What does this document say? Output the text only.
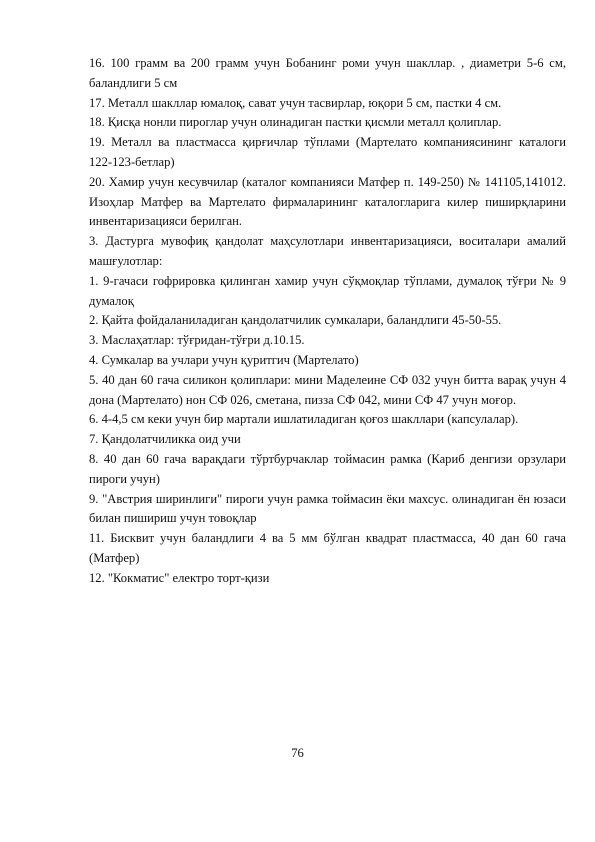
16. 100 грамм ва 200 грамм учун Бобанинг роми учун шакллар. , диаметри 5-6 см, баландлиги 5 см

17. Металл шакллар юмалоқ, сават учун тасвирлар, юқори 5 см, пастки 4 см.

18. Қисқа нонли пироглар учун олинадиган пастки қисмли металл қолиплар.

19. Металл ва пластмасса қирғичлар тўплами (Мартелато компаниясининг каталоги 122-123-бетлар)

20. Хамир учун кесувчилар (каталог компанияси Матфер п. 149-250) № 141105,141012. Изоҳлар Матфер ва Мартелато фирмаларининг каталогларига килер пиширқларини инвентаризацияси берилган.

3. Дастурга мувофиқ қандолат маҳсулотлари инвентаризацияси, воситалари амалий машғулотлар:

1. 9-гачаси гофрировка қилинган хамир учун сўқмоқлар тўплами, думалоқ тўғри № 9 думалоқ

2. Қайта фойдаланиладиган қандолатчилик сумкалари, баландлиги 45-50-55.

3. Маслаҳатлар: тўғридан-тўғри д.10.15.

4. Сумкалар ва учлари учун қуритгич (Мартелато)

5. 40 дан 60 гача силикон қолиплари: мини Маделеине СФ 032 учун битта варақ учун 4 дона (Мартелато) нон СФ 026, сметана, пизза СФ 042, мини СФ 47 учун моғор.

6. 4-4,5 см кеки учун бир мартали ишлатиладиган қоғоз шакллари (капсулалар).

7. Қандолатчиликка оид учи

8. 40 дан 60 гача варақдаги тўртбурчаклар тоймасин рамка (Кариб денгизи орзулари пироги учун)

9. "Австрия ширинлиги" пироги учун рамка тоймасин ёки махсус. олинадиган ён юзаси билан пишириш учун товоқлар

11. Бисквит учун баландлиги 4 ва 5 мм бўлган квадрат пластмасса, 40 дан 60 гача (Матфер)

12. "Кокматис" електро торт-қизи

76
